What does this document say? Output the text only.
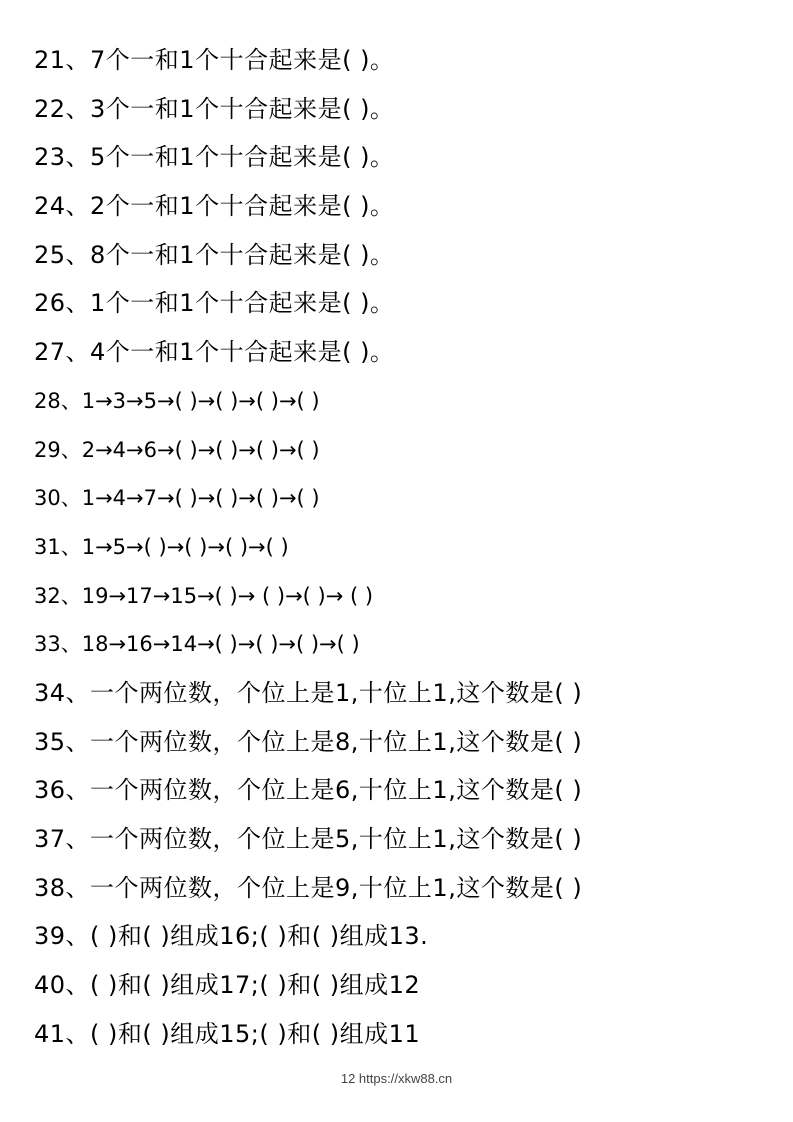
21、7个一和1个十合起来是( )。
22、3个一和1个十合起来是( )。
23、5个一和1个十合起来是( )。
24、2个一和1个十合起来是( )。
25、8个一和1个十合起来是( )。
26、1个一和1个十合起来是( )。
27、4个一和1个十合起来是( )。
28、1→3→5→( )→( )→( )→( )
29、2→4→6→( )→( )→( )→( )
30、1→4→7→( )→( )→( )→( )
31、1→5→( )→( )→( )→( )
32、19→17→15→( )→ ( )→( )→ ( )
33、18→16→14→( )→( )→( )→( )
34、一个两位数，个位上是1,十位上1,这个数是( )
35、一个两位数，个位上是8,十位上1,这个数是( )
36、一个两位数，个位上是6,十位上1,这个数是( )
37、一个两位数，个位上是5,十位上1,这个数是( )
38、一个两位数，个位上是9,十位上1,这个数是( )
39、( )和( )组成16;( )和( )组成13.
40、( )和( )组成17;( )和( )组成12
41、( )和( )组成15;( )和( )组成11
12 https://xkw88.cn
